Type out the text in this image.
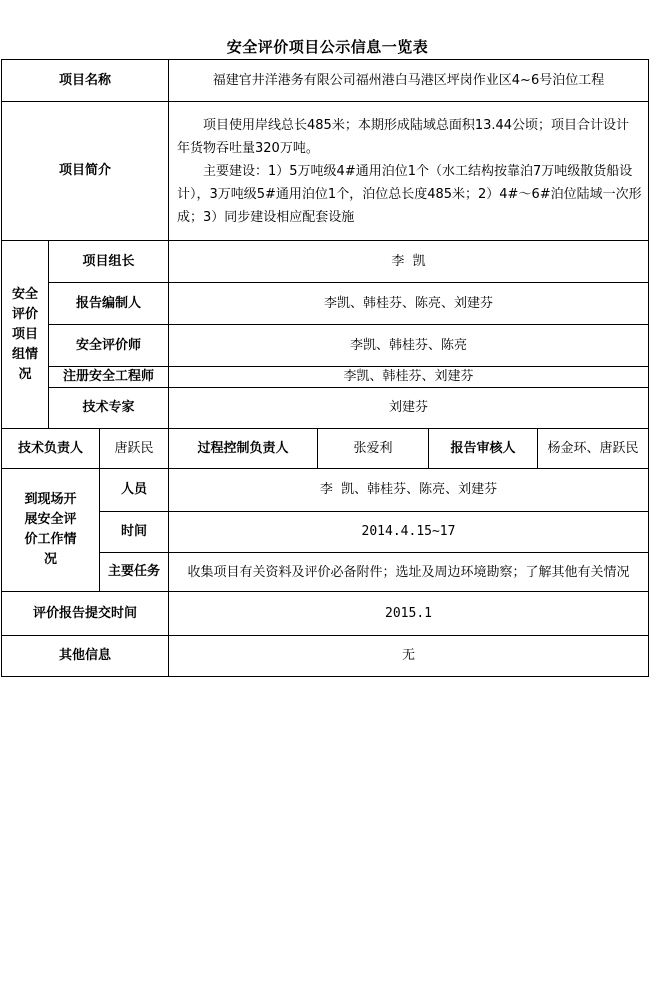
安全评价项目公示信息一览表
项目名称			福建官井洋港务有限公司福州港白马港区坪岗作业区4~6号泊位工程			
项目简介			项目使用岸线总长485米；本期形成陆域总面积13.44公顷；项目合计设计年货物吞吐量320万吨。

主要建设：1）5万吨级4#通用泊位1个（水工结构按靠泊7万吨级散货船设计），3万吨级5#通用泊位1个，泊位总长度485米；2）4#～6#泊位陆域一次形成；3）同步建设相应配套设施			

安全评价项目组情况	项目组长		李  凯			
	报告编制人		李凯、韩桂芬、陈亮、刘建芬			
	安全评价师		李凯、韩桂芬、陈亮			
	注册安全工程师		李凯、韩桂芬、刘建芬			
	技术专家		刘建芬			
技术负责人		唐跃民	过程控制负责人	张爱利	报告审核人	杨金环、唐跃民
到现场开展安全评价工作情况		人员	李  凯、韩桂芬、陈亮、刘建芬			
		时间	2014.4.15~17			
		主要任务	收集项目有关资料及评价必备附件；选址及周边环境勘察；了解其他有关情况			
评价报告提交时间			2015.1			
其他信息			无			
